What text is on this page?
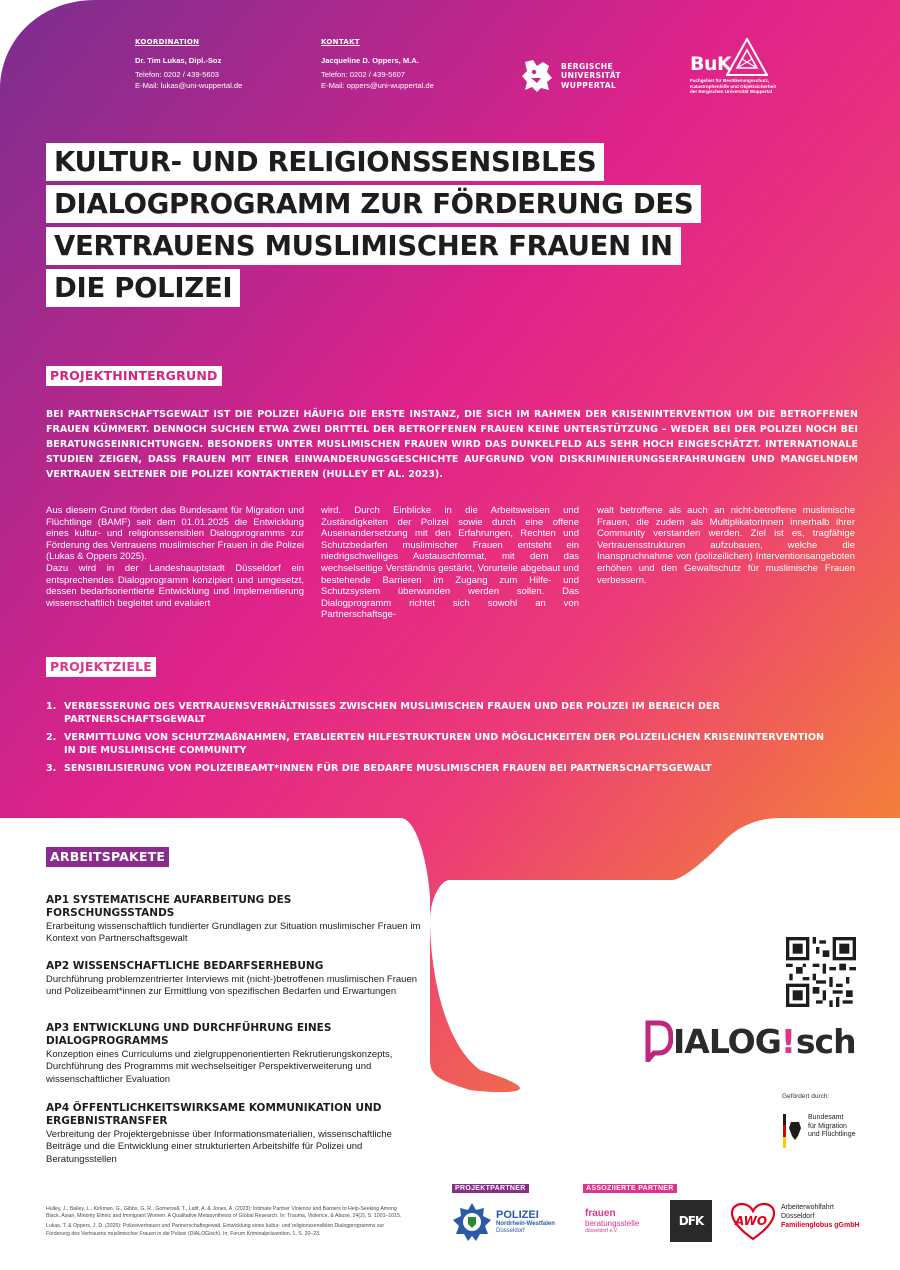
KOORDINATION
Dr. Tim Lukas, Dipl.-Soz
Telefon: 0202 / 439-5603
E-Mail: lukas@uni-wuppertal.de
KONTAKT
Jacqueline D. Oppers, M.A.
Telefon: 0202 / 439-5607
E-Mail: oppers@uni-wuppertal.de
BERGISCHE
UNIVERSITÄT
WUPPERTAL
BuK
Fachgebiet für Bevölkerungsschutz,
Katastrophenhilfe und Objektsicherheit
der Bergischen Universität Wuppertal
KULTUR- UND RELIGIONSSENSIBLES
DIALOGPROGRAMM ZUR FÖRDERUNG DES
VERTRAUENS MUSLIMISCHER FRAUEN IN
DIE POLIZEI
PROJEKTHINTERGRUND
BEI PARTNERSCHAFTSGEWALT IST DIE POLIZEI HÄUFIG DIE ERSTE INSTANZ, DIE SICH IM RAHMEN DER KRISENINTERVENTION UM DIE BETROFFENEN FRAUEN KÜMMERT. DENNOCH SUCHEN ETWA ZWEI DRITTEL DER BETROFFENEN FRAUEN KEINE UNTERSTÜTZUNG – WEDER BEI DER POLIZEI NOCH BEI BERATUNGSEINRICHTUNGEN. BESONDERS UNTER MUSLIMISCHEN FRAUEN WIRD DAS DUNKELFELD ALS SEHR HOCH EINGESCHÄTZT. INTERNATIONALE STUDIEN ZEIGEN, DASS FRAUEN MIT EINER EINWANDERUNGSGESCHICHTE AUFGRUND VON DISKRIMINIERUNGSERFAHRUNGEN UND MANGELNDEM VERTRAUEN SELTENER DIE POLIZEI KONTAKTIEREN (HULLEY ET AL. 2023).

Aus diesem Grund fördert das Bundesamt für Migration und Flüchtlinge (BAMF) seit dem 01.01.2025 die Entwicklung eines kultur- und religionssensiblen Dialogprogramms zur Förderung des Vertrauens muslimischer Frauen in die Polizei (Lukas & Oppers 2025).

Dazu wird in der Landeshauptstadt Düsseldorf ein entsprechendes Dialogprogramm konzipiert und umgesetzt, dessen bedarfsorientierte Entwicklung und Implementierung wissenschaftlich begleitet und evaluiert

wird. Durch Einblicke in die Arbeitsweisen und Zuständigkeiten der Polizei sowie durch eine offene Auseinandersetzung mit den Erfahrungen, Rechten und Schutzbedarfen muslimischer Frauen entsteht ein niedrigschwelliges Austauschformat, mit dem das wechselseitige Verständnis gestärkt, Vorurteile abgebaut und bestehende Barrieren im Zugang zum Hilfe- und Schutzsystem überwunden werden sollen. Das Dialogprogramm richtet sich sowohl an von Partnerschaftsge-

walt betroffene als auch an nicht-betroffene muslimische Frauen, die zudem als Multiplikatorinnen innerhalb ihrer Community verstanden werden. Ziel ist es, tragfähige Vertrauensstrukturen aufzubauen, welche die Inanspruchnahme von (polizeilichen) Interventionsangeboten erhöhen und den Gewaltschutz für muslimische Frauen verbessern.

PROJEKTZIELE
1. VERBESSERUNG DES VERTRAUENSVERHÄLTNISSES ZWISCHEN MUSLIMISCHEN FRAUEN UND DER POLIZEI IM BEREICH DER PARTNERSCHAFTSGEWALT
2. VERMITTLUNG VON SCHUTZMAßNAHMEN, ETABLIERTEN HILFESTRUKTUREN UND MÖGLICHKEITEN DER POLIZEILICHEN KRISENINTERVENTION IN DIE MUSLIMISCHE COMMUNITY
3. SENSIBILISIERUNG VON POLIZEIBEAMT*INNEN FÜR DIE BEDARFE MUSLIMISCHER FRAUEN BEI PARTNERSCHAFTSGEWALT
ARBEITSPAKETE
AP1 SYSTEMATISCHE AUFARBEITUNG DES
FORSCHUNGSSTANDS
Erarbeitung wissenschaftlich fundierter Grundlagen zur Situation muslimischer Frauen im Kontext von Partnerschaftsgewalt
AP2 WISSENSCHAFTLICHE BEDARFSERHEBUNG
Durchführung problemzentrierter Interviews mit (nicht-)betroffenen muslimischen Frauen und Polizeibeamt*innen zur Ermittlung von spezifischen Bedarfen und Erwartungen
AP3 ENTWICKLUNG UND DURCHFÜHRUNG EINES
DIALOGPROGRAMMS
Konzeption eines Curriculums und zielgruppenorientierten Rekrutierungskonzepts, Durchführung des Programms mit wechselseitiger Perspektiverweiterung und wissenschaftlicher Evaluation
AP4 ÖFFENTLICHKEITSWIRKSAME KOMMUNIKATION UND
ERGEBNISTRANSFER
Verbreitung der Projektergebnisse über Informationsmaterialien, wissenschaftliche Beiträge und die Entwicklung einer strukturierten Arbeitshilfe für Polizei und Beratungsstellen
IALOG ! sch
Gefördert durch:
Bundesamt
für Migration
und Flüchtlinge
Hulley, J., Bailey, L., Kirkman, G., Gibbs, G. R., Gomersall, T., Latif, A. & Jones, A. (2023): Intimate Partner Violence and Barriers to Help-Seeking Among Black, Asian, Minority Ethnic and Immigrant Women: A Qualitative Metasynthesis of Global Research. In: Trauma, Violence, & Abuse, 24(2), S. 1001–1015.
Lukas, T. & Oppers, J. D. (2025): Polizeivertrauen und Partnerschaftsgewalt. Entwicklung eines kultur- und religionssensiblen Dialogprogramms zur Förderung des Vertrauens muslimischer Frauen in die Polizei (DIALOGisch). In: Forum Kriminalprävention, 1, S. 20–23.
PROJEKTPARTNER	ASSOZIIERTE PARTNER
POLIZEI
Nordrhein-Westfalen
Düsseldorf
frauen
beratungsstelle
düsseldorf e.V.
DFK	AWO
Arbeiterwohlfahrt
Düsseldorf
Familienglobus gGmbH
